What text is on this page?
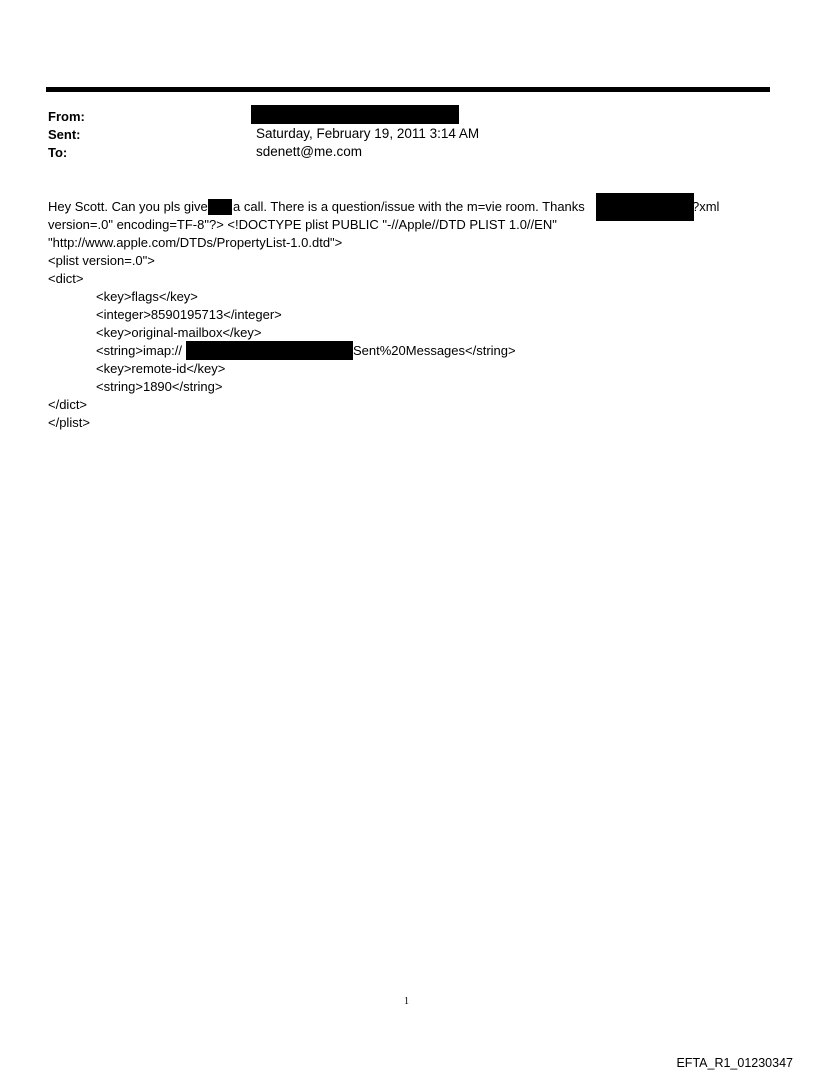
From:
Sent:	Saturday, February 19, 2011 3:14 AM
To:	sdenett@me.com
Hey Scott. Can you pls give a call. There is a question/issue with the m=vie room. Thanks	?xml
version=.0" encoding=TF-8"?> <!DOCTYPE plist PUBLIC "-//Apple//DTD PLIST 1.0//EN"
"http://www.apple.com/DTDs/PropertyList-1.0.dtd">
<plist version=.0">
<dict>
<key>flags</key>
<integer>8590195713</integer>
<key>original-mailbox</key>
<string>imap://	Sent%20Messages</string>
<key>remote-id</key>
<string>1890</string>
</dict>
</plist>
1
EFTA_R1_01230347
